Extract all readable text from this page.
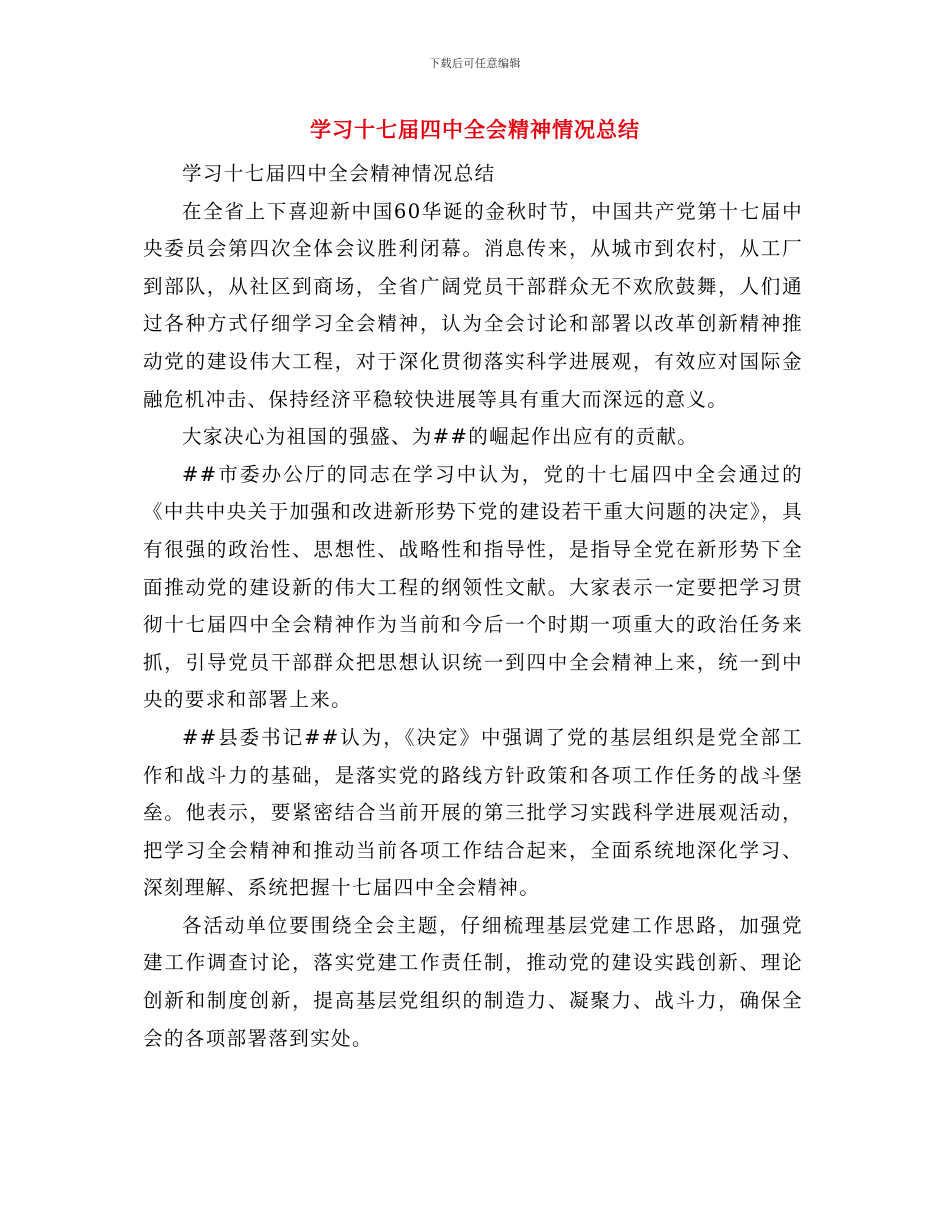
下载后可任意编辑
学习十七届四中全会精神情况总结

学习十七届四中全会精神情况总结

在全省上下喜迎新中国60华诞的金秋时节，中国共产党第十七届中央委员会第四次全体会议胜利闭幕。消息传来，从城市到农村，从工厂到部队，从社区到商场，全省广阔党员干部群众无不欢欣鼓舞，人们通过各种方式仔细学习全会精神，认为全会讨论和部署以改革创新精神推动党的建设伟大工程，对于深化贯彻落实科学进展观，有效应对国际金融危机冲击、保持经济平稳较快进展等具有重大而深远的意义。

大家决心为祖国的强盛、为##的崛起作出应有的贡献。

##市委办公厅的同志在学习中认为，党的十七届四中全会通过的《中共中央关于加强和改进新形势下党的建设若干重大问题的决定》，具有很强的政治性、思想性、战略性和指导性，是指导全党在新形势下全面推动党的建设新的伟大工程的纲领性文献。大家表示一定要把学习贯彻十七届四中全会精神作为当前和今后一个时期一项重大的政治任务来抓，引导党员干部群众把思想认识统一到四中全会精神上来，统一到中央的要求和部署上来。

##县委书记##认为，《决定》中强调了党的基层组织是党全部工作和战斗力的基础，是落实党的路线方针政策和各项工作任务的战斗堡垒。他表示，要紧密结合当前开展的第三批学习实践科学进展观活动，把学习全会精神和推动当前各项工作结合起来，全面系统地深化学习、深刻理解、系统把握十七届四中全会精神。

各活动单位要围绕全会主题，仔细梳理基层党建工作思路，加强党建工作调查讨论，落实党建工作责任制，推动党的建设实践创新、理论创新和制度创新，提高基层党组织的制造力、凝聚力、战斗力，确保全会的各项部署落到实处。
